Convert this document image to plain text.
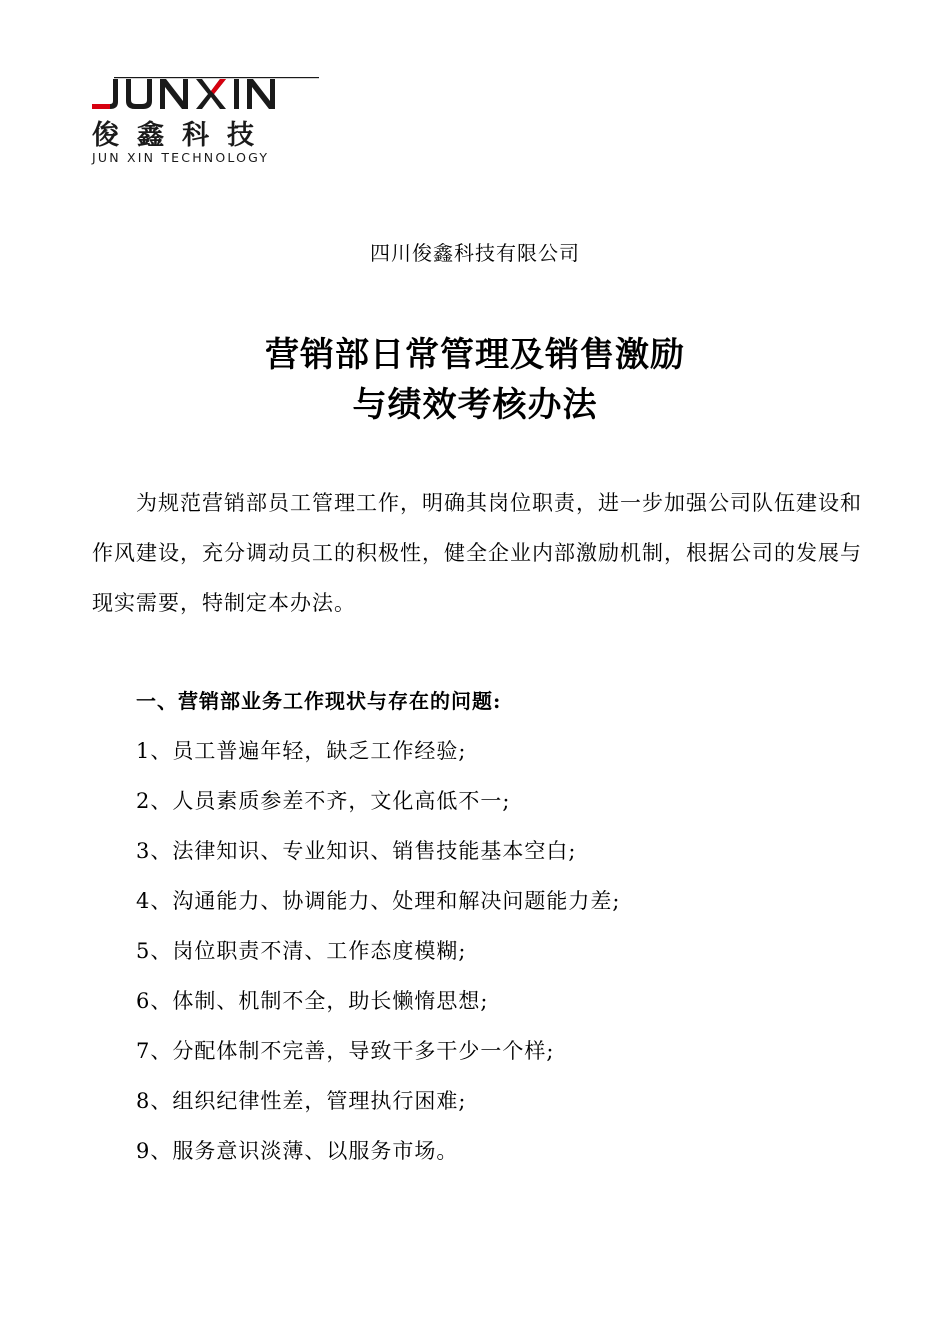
俊鑫科技
JUN XIN TECHNOLOGY
四川俊鑫科技有限公司
营销部日常管理及销售激励
与绩效考核办法

为规范营销部员工管理工作，明确其岗位职责，进一步加强公司队伍建设和作风建设，充分调动员工的积极性，健全企业内部激励机制，根据公司的发展与现实需要，特制定本办法。

一、营销部业务工作现状与存在的问题:

1、员工普遍年轻，缺乏工作经验;
2、人员素质参差不齐，文化高低不一;
3、法律知识、专业知识、销售技能基本空白;
4、沟通能力、协调能力、处理和解决问题能力差;
5、岗位职责不清、工作态度模糊;
6、体制、机制不全，助长懒惰思想;
7、分配体制不完善，导致干多干少一个样;
8、组织纪律性差，管理执行困难;
9、服务意识淡薄、以服务市场。
